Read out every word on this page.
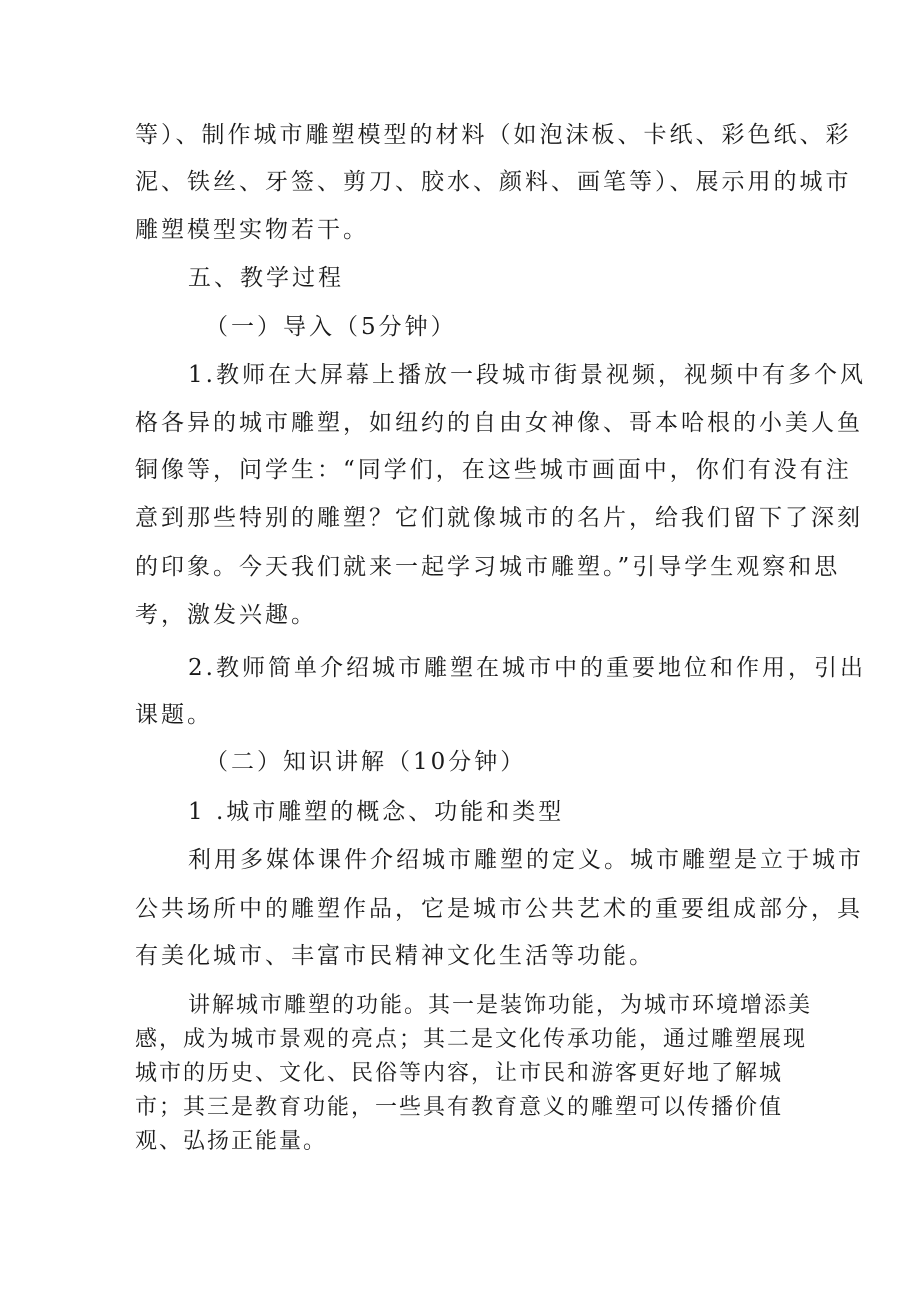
等）、制作城市雕塑模型的材料（如泡沫板、卡纸、彩色纸、彩
泥、铁丝、牙签、剪刀、胶水、颜料、画笔等）、展示用的城市
雕塑模型实物若干。
五、教学过程
（一）导入（5分钟）
1.教师在大屏幕上播放一段城市街景视频，视频中有多个风
格各异的城市雕塑，如纽约的自由女神像、哥本哈根的小美人鱼
铜像等，问学生：“同学们，在这些城市画面中，你们有没有注
意到那些特别的雕塑？它们就像城市的名片，给我们留下了深刻
的印象。今天我们就来一起学习城市雕塑。”引导学生观察和思
考，激发兴趣。
2.教师简单介绍城市雕塑在城市中的重要地位和作用，引出
课题。
（二）知识讲解（10分钟）
1 .城市雕塑的概念、功能和类型
利用多媒体课件介绍城市雕塑的定义。城市雕塑是立于城市
公共场所中的雕塑作品，它是城市公共艺术的重要组成部分，具
有美化城市、丰富市民精神文化生活等功能。
讲解城市雕塑的功能。其一是装饰功能，为城市环境增添美
感，成为城市景观的亮点；其二是文化传承功能，通过雕塑展现
城市的历史、文化、民俗等内容，让市民和游客更好地了解城
市；其三是教育功能，一些具有教育意义的雕塑可以传播价值
观、弘扬正能量。
